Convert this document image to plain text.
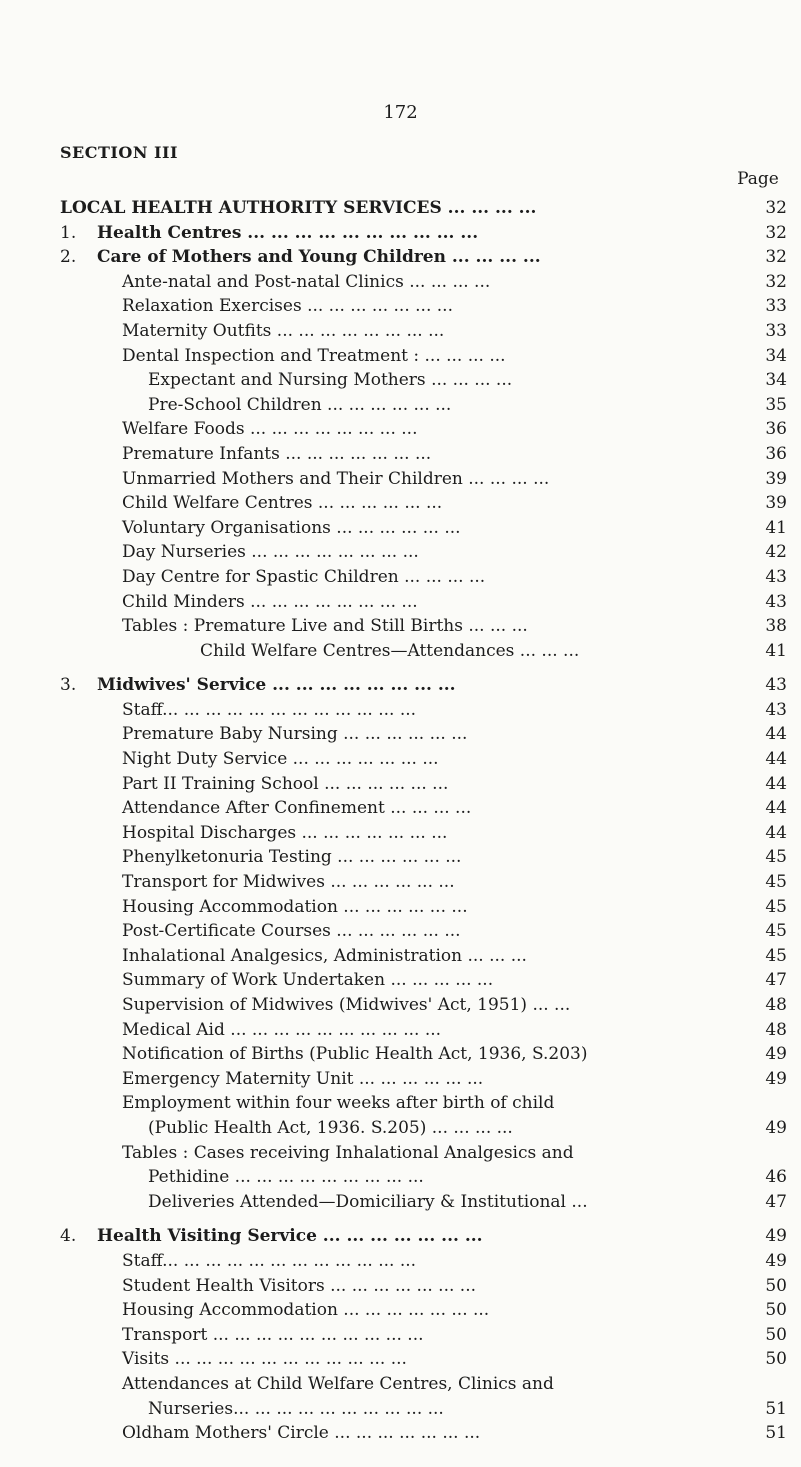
172
SECTION III
Page
LOCAL HEALTH AUTHORITY SERVICES ... ... ... ...	32
1. Health Centres ... ... ... ... ... ... ... ... ... ...	32
2. Care of Mothers and Young Children ... ... ... ...	32
Ante-natal and Post-natal Clinics ... ... ... ...	32
Relaxation Exercises ... ... ... ... ... ... ...	33
Maternity Outfits ... ... ... ... ... ... ... ...	33
Dental Inspection and Treatment : ... ... ... ...	34
Expectant and Nursing Mothers ... ... ... ...	34
Pre-School Children ... ... ... ... ... ...	35
Welfare Foods ... ... ... ... ... ... ... ...	36
Premature Infants ... ... ... ... ... ... ...	36
Unmarried Mothers and Their Children ... ... ... ...	39
Child Welfare Centres ... ... ... ... ... ...	39
Voluntary Organisations ... ... ... ... ... ...	41
Day Nurseries ... ... ... ... ... ... ... ...	42
Day Centre for Spastic Children ... ... ... ...	43
Child Minders ... ... ... ... ... ... ... ...	43
Tables : Premature Live and Still Births ... ... ...	38
Child Welfare Centres—Attendances ... ... ...	41
3. Midwives' Service ... ... ... ... ... ... ... ...	43
Staff... ... ... ... ... ... ... ... ... ... ... ...	43
Premature Baby Nursing ... ... ... ... ... ...	44
Night Duty Service ... ... ... ... ... ... ...	44
Part II Training School ... ... ... ... ... ...	44
Attendance After Confinement ... ... ... ...	44
Hospital Discharges ... ... ... ... ... ... ...	44
Phenylketonuria Testing ... ... ... ... ... ...	45
Transport for Midwives ... ... ... ... ... ...	45
Housing Accommodation ... ... ... ... ... ...	45
Post-Certificate Courses ... ... ... ... ... ...	45
Inhalational Analgesics, Administration ... ... ...	45
Summary of Work Undertaken ... ... ... ... ...	47
Supervision of Midwives (Midwives' Act, 1951) ... ...	48
Medical Aid ... ... ... ... ... ... ... ... ... ...	48
Notification of Births (Public Health Act, 1936, S.203)	49
Emergency Maternity Unit ... ... ... ... ... ...	49
Employment within four weeks after birth of child
(Public Health Act, 1936. S.205) ... ... ... ...	49
Tables : Cases receiving Inhalational Analgesics and
Pethidine ... ... ... ... ... ... ... ... ...	46
Deliveries Attended—Domiciliary & Institutional ...	47
4. Health Visiting Service ... ... ... ... ... ... ...	49
Staff... ... ... ... ... ... ... ... ... ... ... ...	49
Student Health Visitors ... ... ... ... ... ... ...	50
Housing Accommodation ... ... ... ... ... ... ...	50
Transport ... ... ... ... ... ... ... ... ... ...	50
Visits ... ... ... ... ... ... ... ... ... ... ...	50
Attendances at Child Welfare Centres, Clinics and
Nurseries... ... ... ... ... ... ... ... ... ...	51
Oldham Mothers' Circle ... ... ... ... ... ... ...	51
